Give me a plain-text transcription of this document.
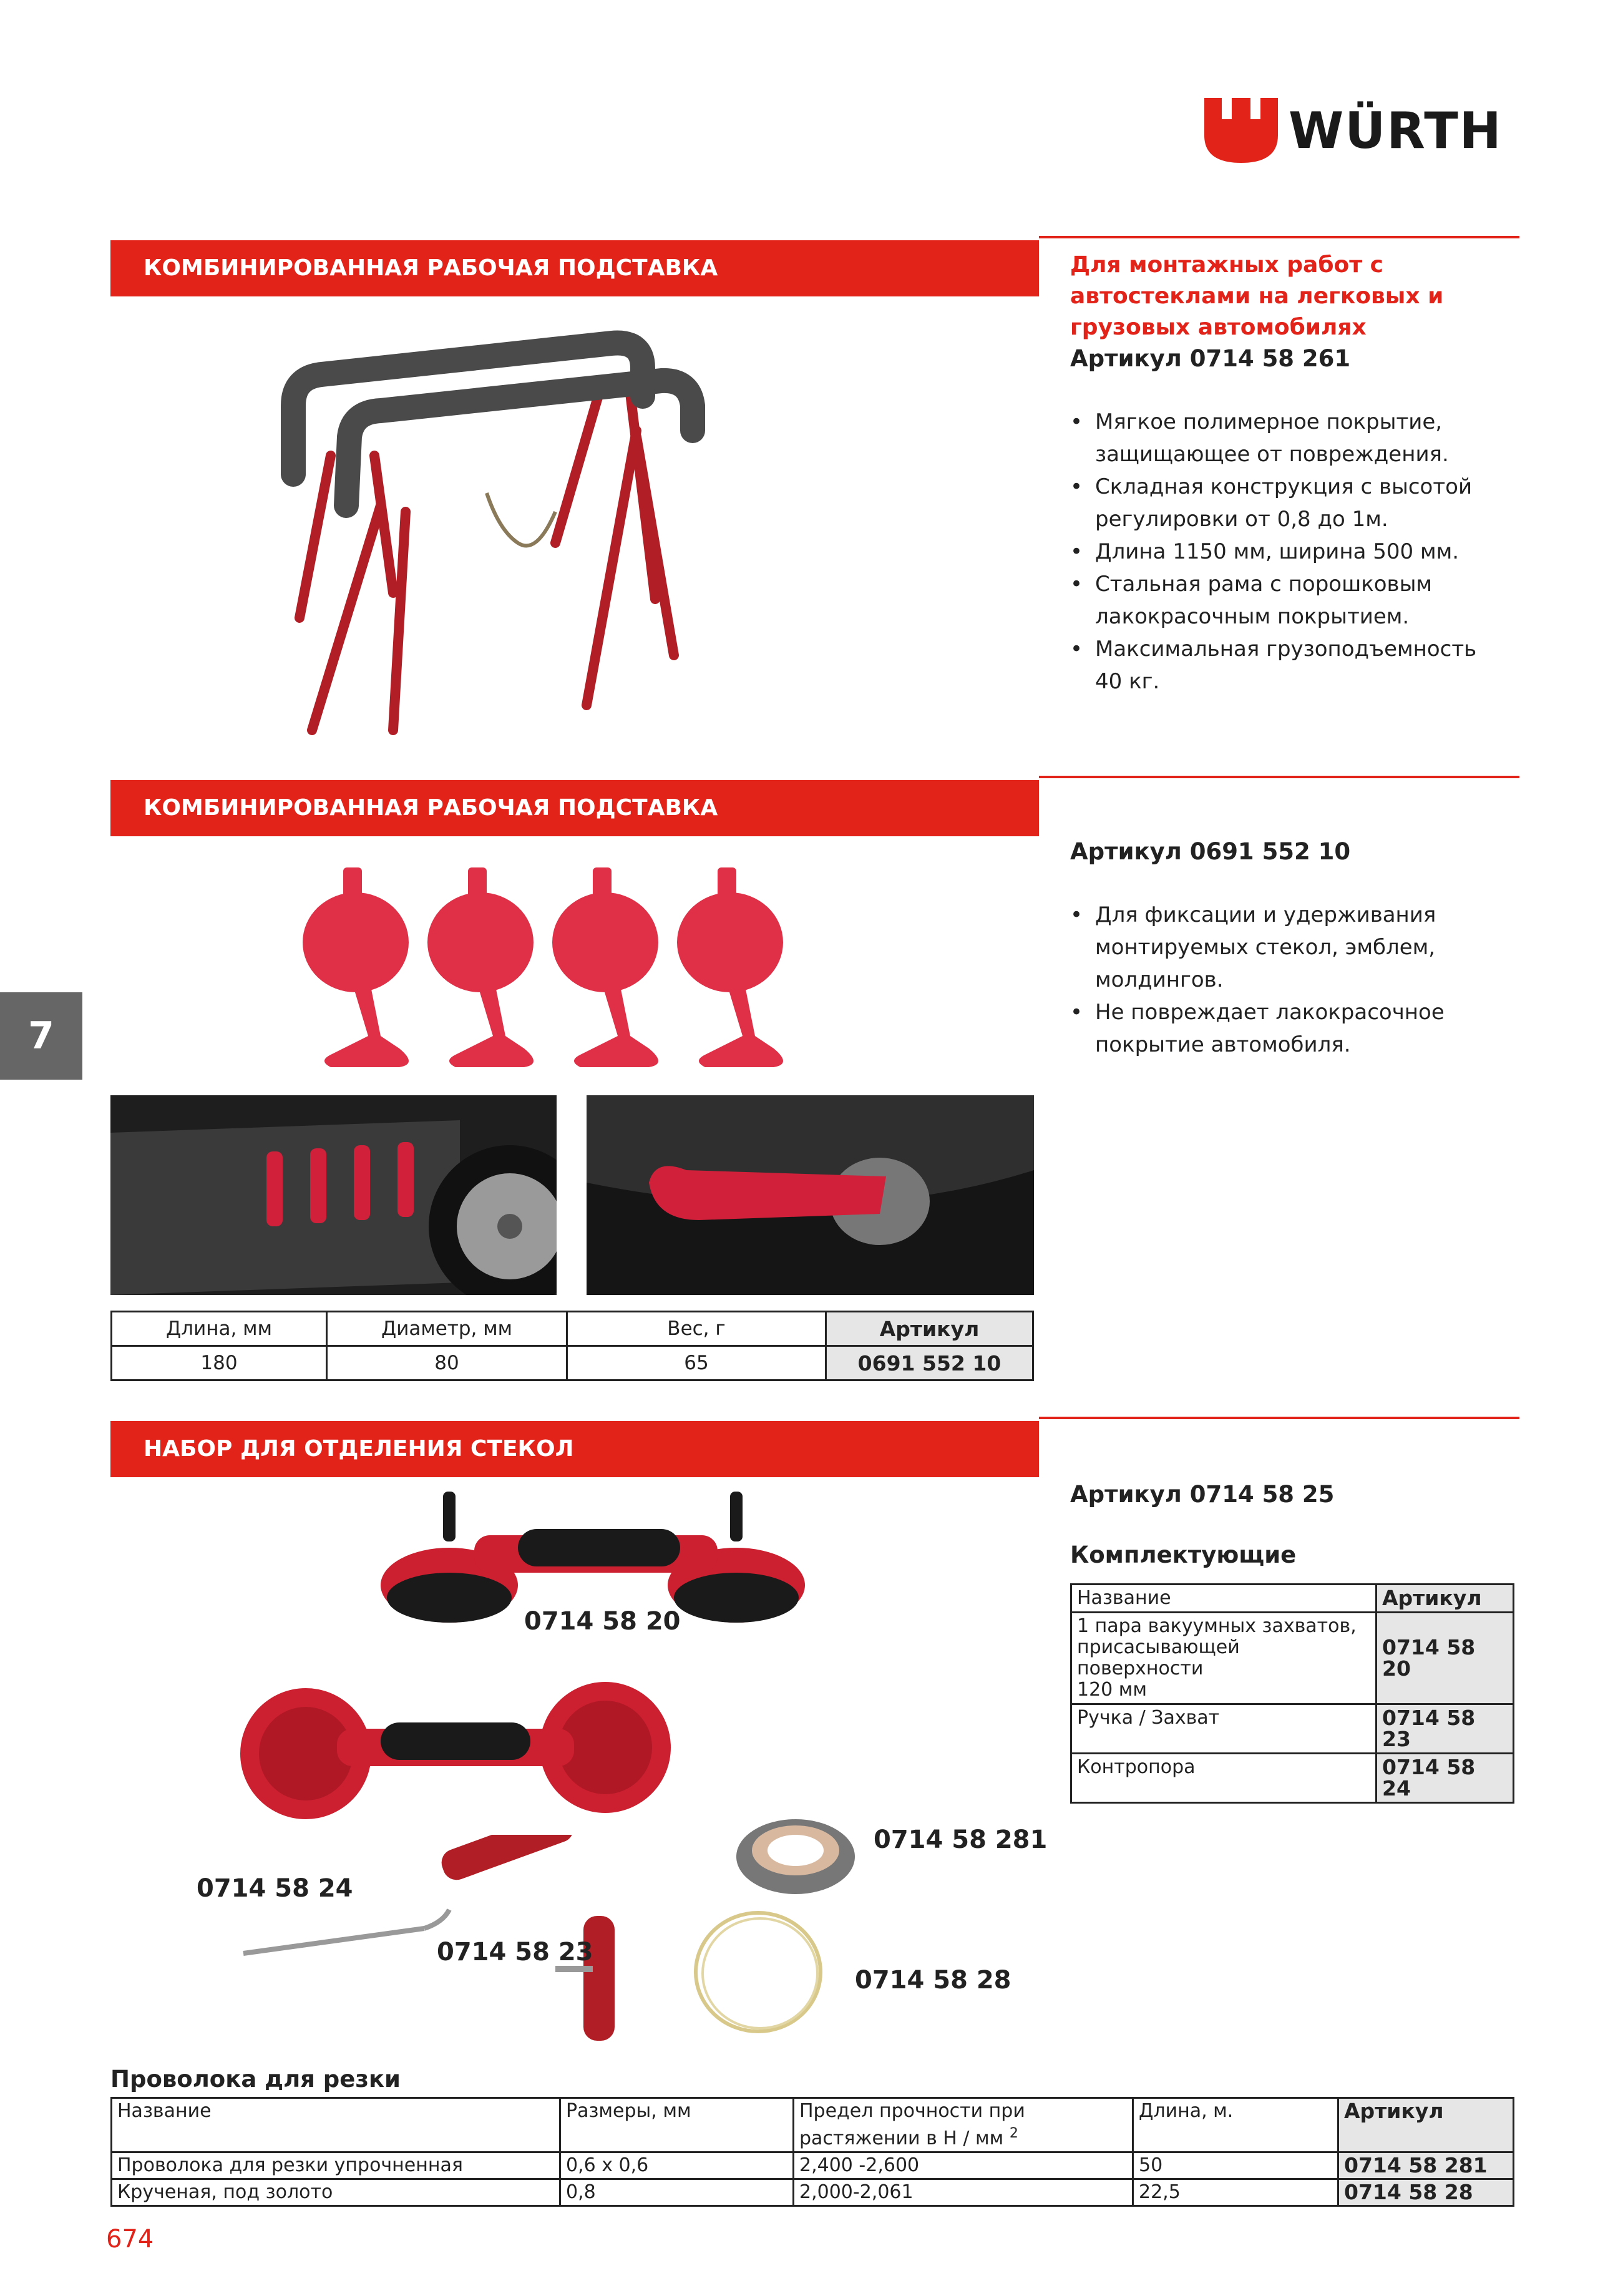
WÜRTH
КОМБИНИРОВАННАЯ РАБОЧАЯ ПОДСТАВКА	Для монтажных работ с
автостеклами на легковых и
грузовых автомобилях
Артикул 0714 58 261
• Мягкое полимерное покрытие,
защищающее от повреждения.
• Складная конструкция с высотой
регулировки от 0,8 до 1м.
• Длина 1150 мм, ширина 500 мм.
• Стальная рама с порошковым
лакокрасочным покрытием.
• Максимальная грузоподъемность
40 кг.
КОМБИНИРОВАННАЯ РАБОЧАЯ ПОДСТАВКА
Артикул 0691 552 10
• Для фиксации и удерживания
монтируемых стекол, эмблем,
молдингов.
• Не повреждает лакокрасочное
покрытие автомобиля.
Длина, мм	Диаметр, мм	Вес, г	Артикул
180	80	65	0691 552 10
НАБОР ДЛЯ ОТДЕЛЕНИЯ СТЕКОЛ
0714 58 20
0714 58 281
0714 58 24
0714 58 23
0714 58 28
Артикул 0714 58 25
Комплектующие
Название	Артикул
1 пара вакуумных захватов,
присасывающей поверхности
120 мм	0714 58 20
Ручка / Захват	0714 58 23
Контропора	0714 58 24
Проволока для резки
Название	Размеры, мм	Предел прочности при
растяжении в Н / мм $^2$	Длина, м.	Артикул
Проволока для резки упрочненная	0,6 x 0,6	2,400 -2,600	50	0714 58 281
Крученая, под золото	0,8	2,000-2,061	22,5	0714 58 28
7
674
